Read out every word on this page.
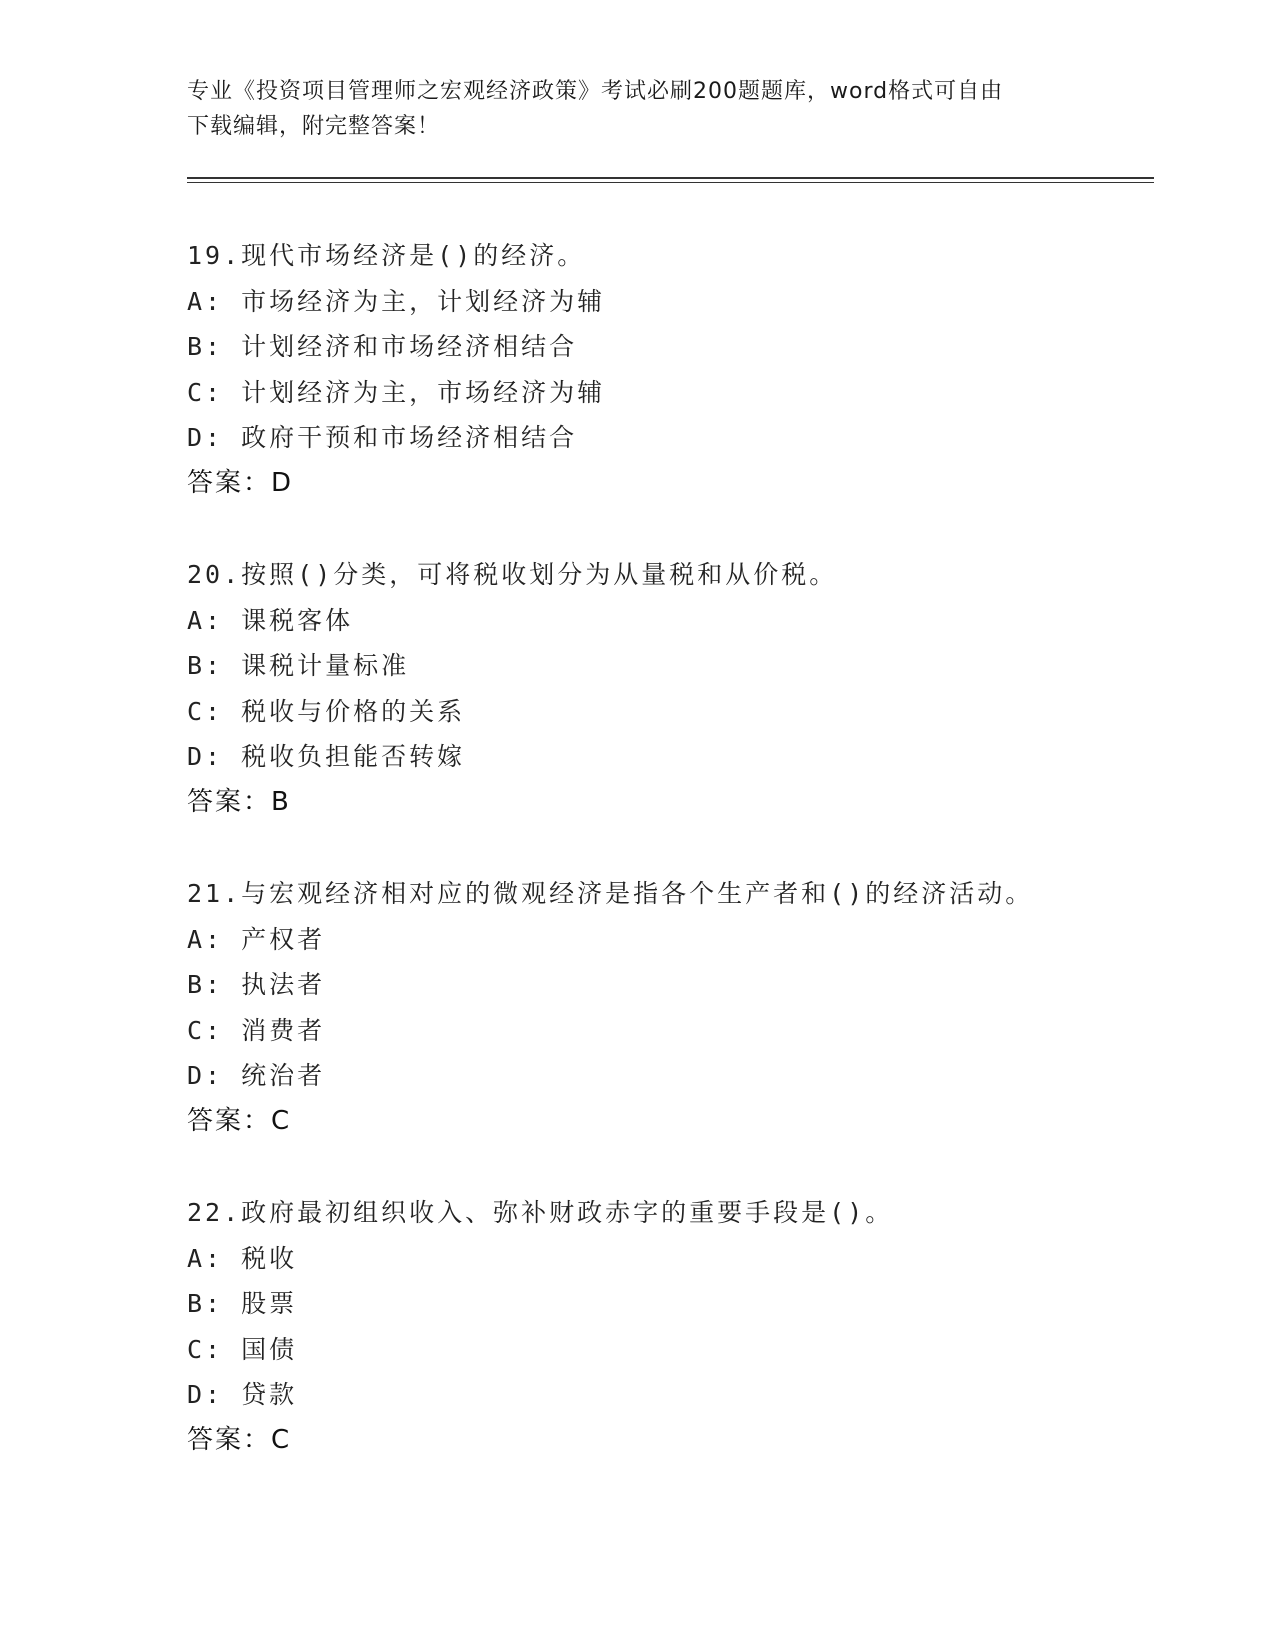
专业《投资项目管理师之宏观经济政策》考试必刷200题题库，word格式可自由
下载编辑，附完整答案！
19.现代市场经济是()的经济。
A: 市场经济为主，计划经济为辅
B: 计划经济和市场经济相结合
C: 计划经济为主，市场经济为辅
D: 政府干预和市场经济相结合
答案：D
20.按照()分类，可将税收划分为从量税和从价税。
A: 课税客体
B: 课税计量标准
C: 税收与价格的关系
D: 税收负担能否转嫁
答案：B
21.与宏观经济相对应的微观经济是指各个生产者和()的经济活动。
A: 产权者
B: 执法者
C: 消费者
D: 统治者
答案：C
22.政府最初组织收入、弥补财政赤字的重要手段是()。
A: 税收
B: 股票
C: 国债
D: 贷款
答案：C
